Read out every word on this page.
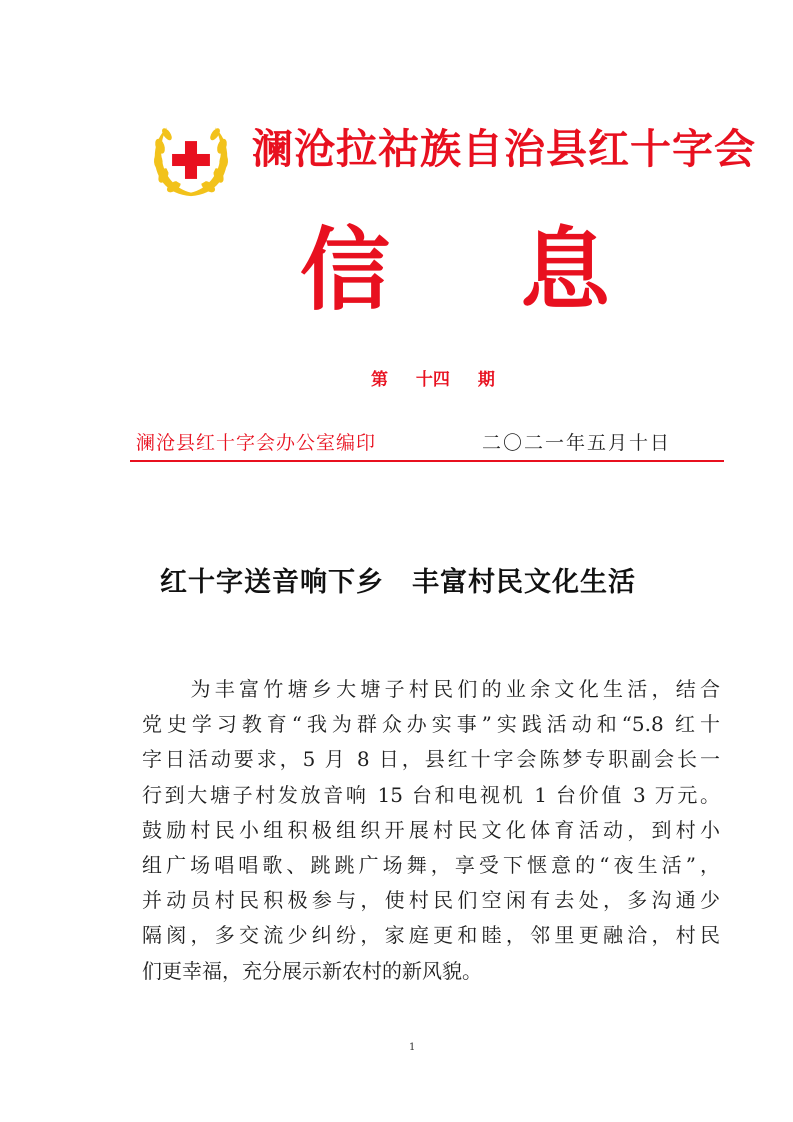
澜沧拉祜族自治县红十字会
信 息
第 十四 期
澜沧县红十字会办公室编印	二〇二一年五月十日
红十字送音响下乡 丰富村民文化生活
　　为丰富竹塘乡大塘子村民们的业余文化生活，结合
党史学习教育“我为群众办实事”实践活动和“5.8 红十
字日活动要求，5 月 8 日，县红十字会陈梦专职副会长一
行到大塘子村发放音响 15 台和电视机 1 台价值 3 万元。
鼓励村民小组积极组织开展村民文化体育活动，到村小
组广场唱唱歌、跳跳广场舞，享受下惬意的“夜生活”，
并动员村民积极参与，使村民们空闲有去处，多沟通少
隔阂，多交流少纠纷，家庭更和睦，邻里更融洽，村民
们更幸福，充分展示新农村的新风貌。
1
